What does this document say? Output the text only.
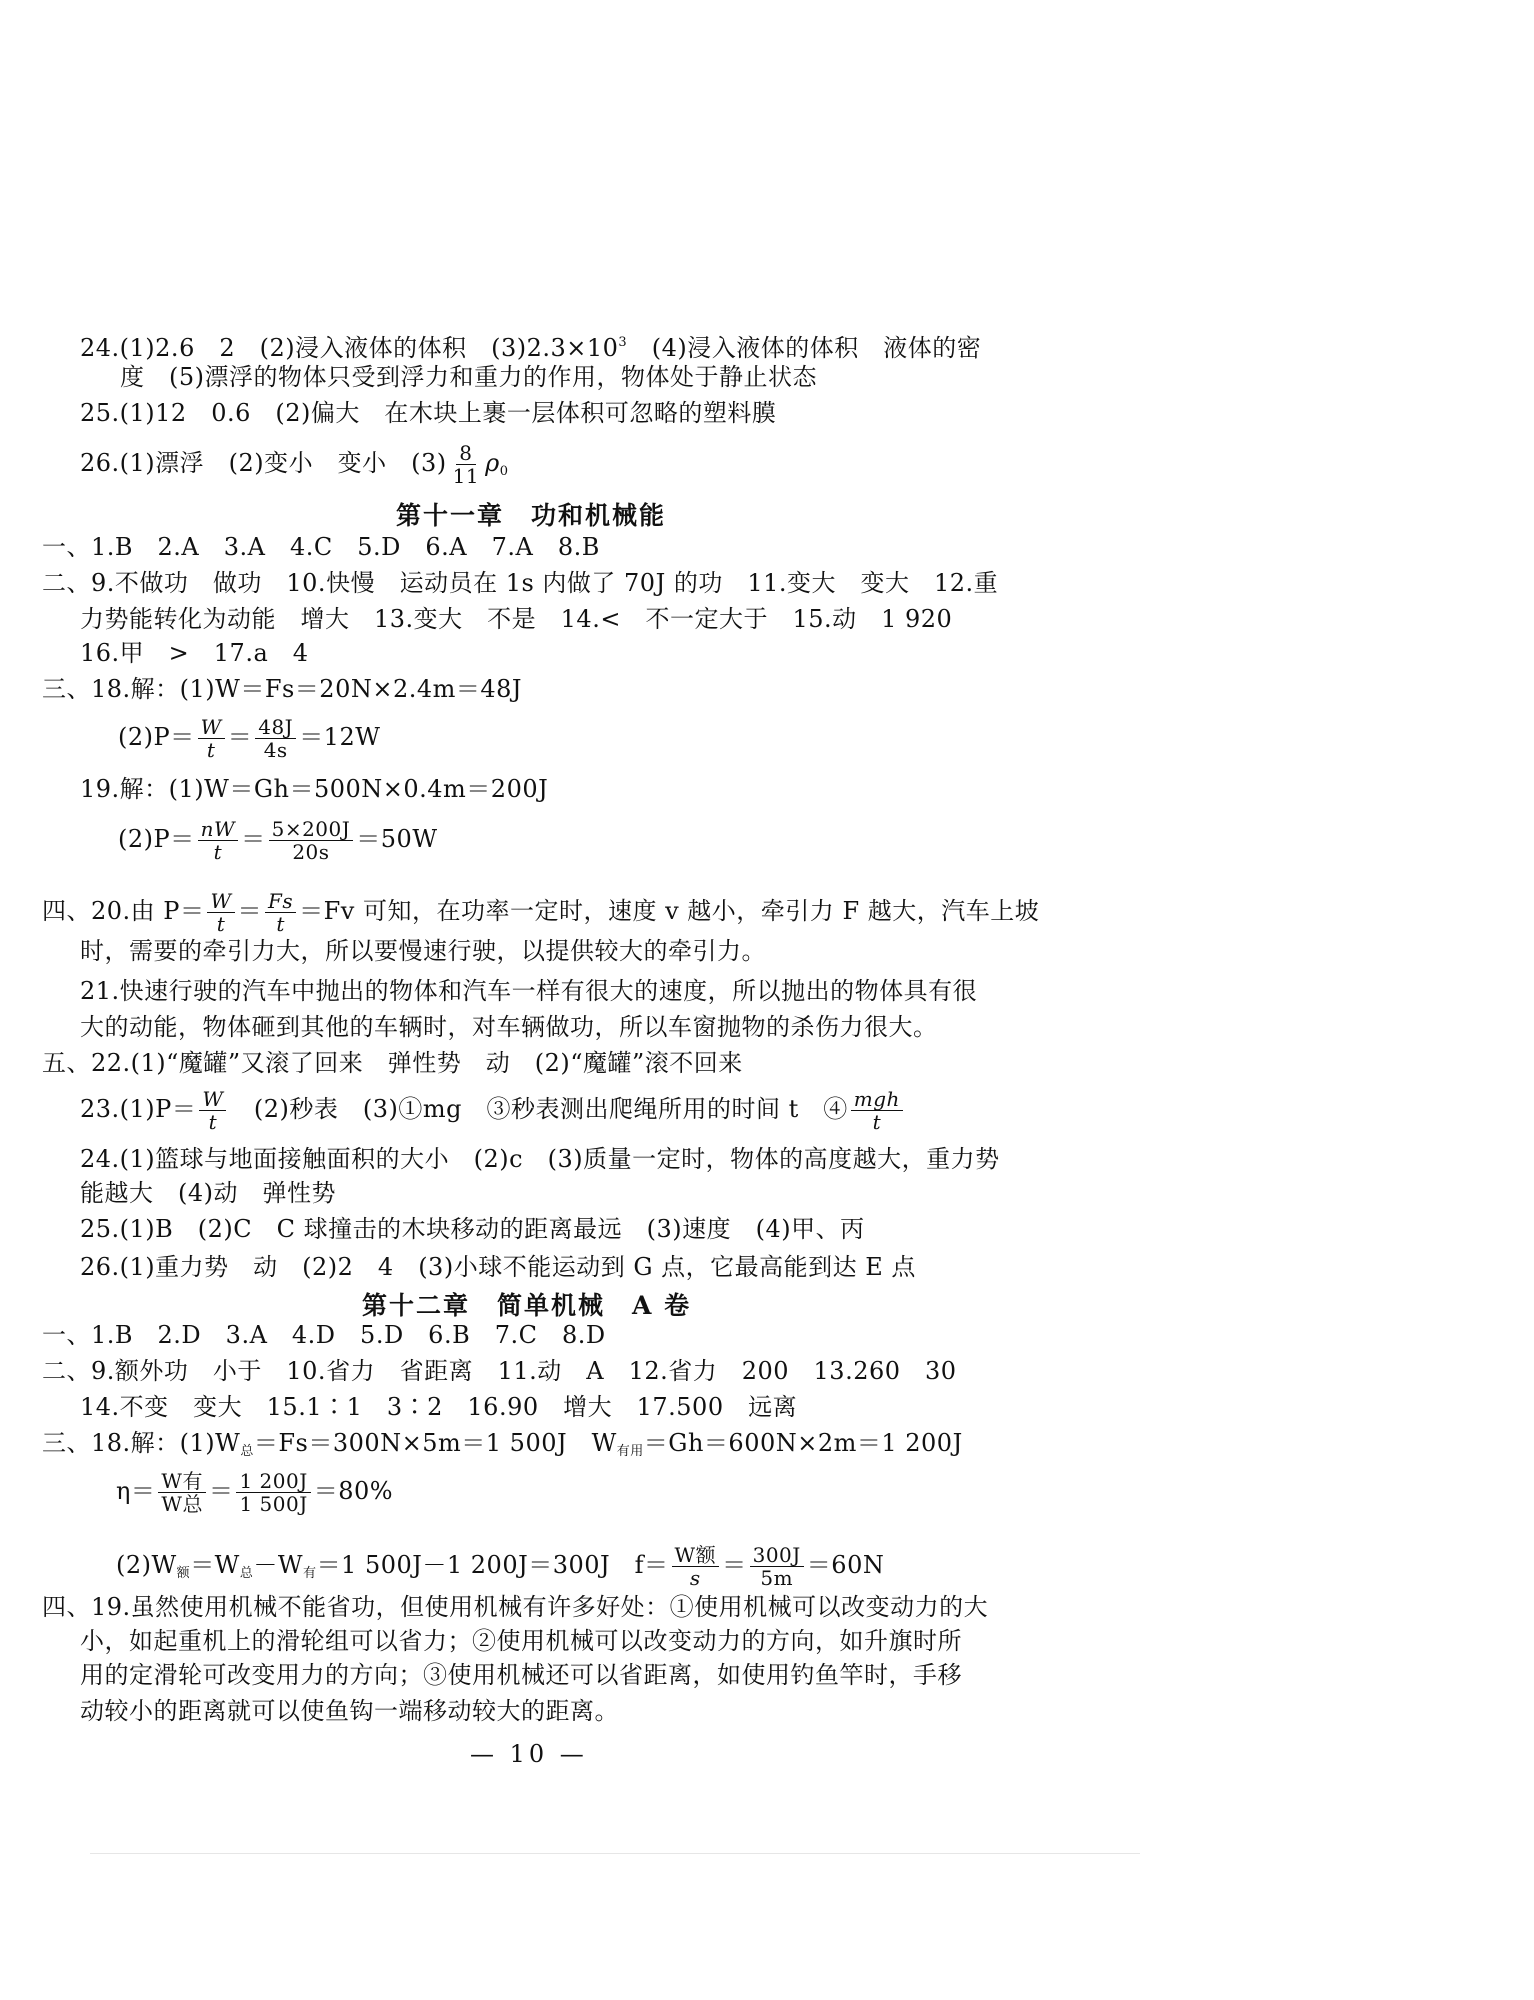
24.(1)2.6　2　(2)浸入液体的体积　$(3)2.3\times 10^3$　(4)浸入液体的体积　液体的密
度　(5)漂浮的物体只受到浮力和重力的作用，物体处于静止状态
25.(1)12　0.6　(2)偏大　在木块上裹一层体积可忽略的塑料膜
26.(1)漂浮　(2)变小　变小　$(3) \frac{8}{11} \rho_0$
第十一章　功和机械能
一、1.B　2.A　3.A　4.C　5.D　6.A　7.A　8.B
二、9.不做功　做功　10.快慢　运动员在 1s 内做了 70J 的功　11.变大　变大　12.重
力势能转化为动能　增大　13.变大　不是　14.<　不一定大于　15.动　1 920
16.甲　>　17.a　4
三、18.解：(1)W＝Fs＝20N×2.4m＝48J
$(2)P= \frac{W}{t} = \frac{48J}{4s} =12W$
19.解：(1)W＝Gh＝500N×0.4m＝200J
$(2)P= \frac{nW}{t} = \frac{5\times 200J}{20s} =50W$
四、20.由 $P= \frac{W}{t} = \frac{Fs}{t} =Fv$ 可知，在功率一定时，速度 v 越小，牵引力 F 越大，汽车上坡
时，需要的牵引力大，所以要慢速行驶，以提供较大的牵引力。
21.快速行驶的汽车中抛出的物体和汽车一样有很大的速度，所以抛出的物体具有很
大的动能，物体砸到其他的车辆时，对车辆做功，所以车窗抛物的杀伤力很大。
五、22.(1)“魔罐”又滚了回来　弹性势　动　(2)“魔罐”滚不回来
$23.(1)P= \frac{W}{t}$ 　(2)秒表　(3)①mg　③秒表测出爬绳所用的时间 t　④ $\frac{\text{mgh}}{t}$
24.(1)篮球与地面接触面积的大小　(2)c　(3)质量一定时，物体的高度越大，重力势
能越大　(4)动　弹性势
25.(1)B　(2)C　C 球撞击的木块移动的距离最远　(3)速度　(4)甲、丙
26.(1)重力势　动　(2)2　4　(3)小球不能运动到 G 点，它最高能到达 E 点
第十二章　简单机械　A 卷
一、1.B　2.D　3.A　4.D　5.D　6.B　7.C　8.D
二、9.额外功　小于　10.省力　省距离　11.动　A　12.省力　200　13.260　30
14.不变　变大　15.1∶1　3∶2　16.90　增大　17.500　远离
三、18.解：$(1)W_总=Fs=300N\times 5m=1$ 500J　$W_{有用}=Gh=600N\times 2m=1$ 200J
$\eta= \frac{\text{W有}}{\text{W总}} = \frac{1 200J}{1 500J} =80\%$
$(2)W_额=W_总-W_有=1$ 500J－1 200J＝300J　$f= \frac{\text{W额}}{s} = \frac{300J}{5m} =60N$
四、19.虽然使用机械不能省功，但使用机械有许多好处：①使用机械可以改变动力的大
小，如起重机上的滑轮组可以省力；②使用机械可以改变动力的方向，如升旗时所
用的定滑轮可改变用力的方向；③使用机械还可以省距离，如使用钓鱼竿时，手移
动较小的距离就可以使鱼钩一端移动较大的距离。
— 10 —
